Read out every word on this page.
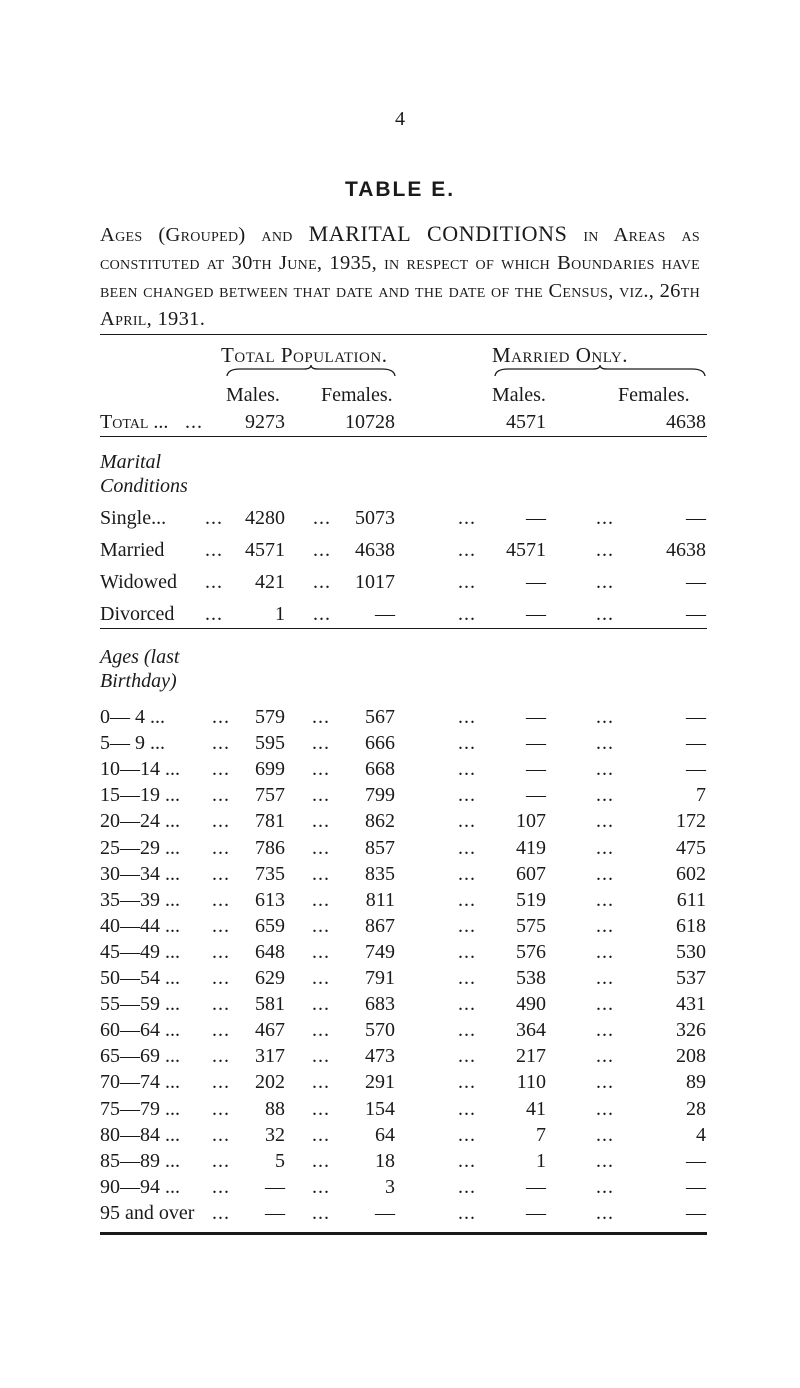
4
TABLE E.
Ages (Grouped) and MARITAL CONDITIONS in Areas as constituted at 30th June, 1935, in respect of which Boundaries have been changed between that date and the date of the Census, viz., 26th April, 1931.
Total Population.	Married Only.
Males. Females.	Males.	Females.
Total ... ... 9273	10728	4571	4638
Marital
Conditions
Single...	4280	5073	—	—
...	...	...	...
Married	4571	4638	4571	4638
...	...	...	...
Widowed	421	1017	—	—
...	...	...	...
Divorced	1	—	—	—
...	...	...	...
Ages (last
Birthday)
0— 4 ...	579	567	—	—
...	...	...	...
5— 9 ...	595	666	—	—
...	...	...	...
10—14 ...	699	668	—	—
...	...	...	...
15—19 ...	757	799	—	7
...	...	...	...
20—24 ...	781	862	107	172
...	...	...	...
25—29 ...	786	857	419	475
...	...	...	...
30—34 ...	735	835	607	602
...	...	...	...
35—39 ...	613	811	519	611
...	...	...	...
40—44 ...	659	867	575	618
...	...	...	...
45—49 ...	648	749	576	530
...	...	...	...
50—54 ...	629	791	538	537
...	...	...	...
55—59 ...	581	683	490	431
...	...	...	...
60—64 ...	467	570	364	326
...	...	...	...
65—69 ...	317	473	217	208
...	...	...	...
70—74 ...	202	291	110	89
...	...	...	...
75—79 ...	88	154	41	28
...	...	...	...
80—84 ...	32	64	7	4
...	...	...	...
85—89 ...	5	18	1	—
...	...	...	...
90—94 ...	—	3	—	—
...	...	...	...
95 and over	—	—	—	—
...	...	...	...
